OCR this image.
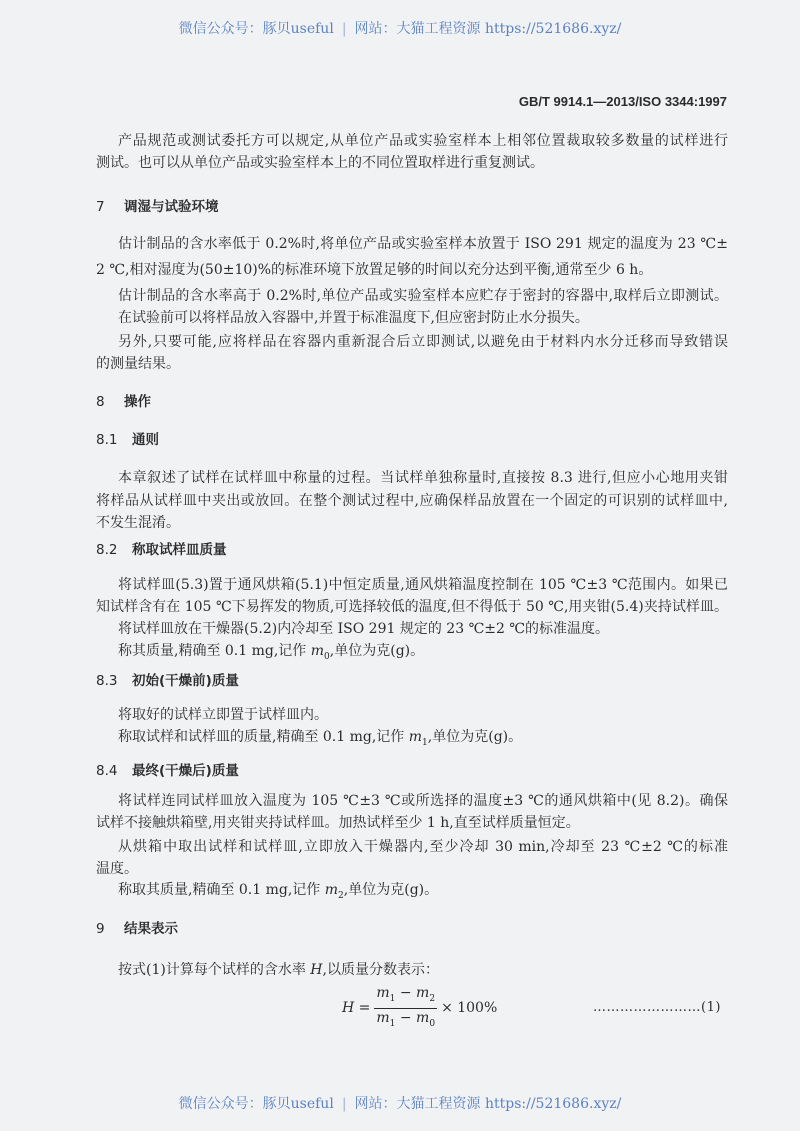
微信公众号：豚贝useful | 网站：大猫工程资源 https://521686.xyz/
GB/T 9914.1—2013/ISO 3344:1997
产品规范或测试委托方可以规定,从单位产品或实验室样本上相邻位置裁取较多数量的试样进行
测试。也可以从单位产品或实验室样本上的不同位置取样进行重复测试。
7 调湿与试验环境
估计制品的含水率低于 0.2%时,将单位产品或实验室样本放置于 ISO 291 规定的温度为 23 ℃±
2 ℃,相对湿度为(50±10)%的标准环境下放置足够的时间以充分达到平衡,通常至少 6 h。
估计制品的含水率高于 0.2%时,单位产品或实验室样本应贮存于密封的容器中,取样后立即测试。
在试验前可以将样品放入容器中,并置于标准温度下,但应密封防止水分损失。
另外,只要可能,应将样品在容器内重新混合后立即测试,以避免由于材料内水分迁移而导致错误
的测量结果。
8 操作
8.1 通则
本章叙述了试样在试样皿中称量的过程。当试样单独称量时,直接按 8.3 进行,但应小心地用夹钳
将样品从试样皿中夹出或放回。在整个测试过程中,应确保样品放置在一个固定的可识别的试样皿中,
不发生混淆。
8.2 称取试样皿质量
将试样皿(5.3)置于通风烘箱(5.1)中恒定质量,通风烘箱温度控制在 105 ℃±3 ℃范围内。如果已
知试样含有在 105 ℃下易挥发的物质,可选择较低的温度,但不得低于 50 ℃,用夹钳(5.4)夹持试样皿。
将试样皿放在干燥器(5.2)内冷却至 ISO 291 规定的 23 ℃±2 ℃的标准温度。
称其质量,精确至 0.1 mg,记作 $m_0$,单位为克(g)。
8.3 初始(干燥前)质量
将取好的试样立即置于试样皿内。
称取试样和试样皿的质量,精确至 0.1 mg,记作 $m_1$,单位为克(g)。
8.4 最终(干燥后)质量
将试样连同试样皿放入温度为 105 ℃±3 ℃或所选择的温度±3 ℃的通风烘箱中(见 8.2)。确保
试样不接触烘箱壁,用夹钳夹持试样皿。加热试样至少 1 h,直至试样质量恒定。
从烘箱中取出试样和试样皿,立即放入干燥器内,至少冷却 30 min,冷却至 23 ℃±2 ℃的标准
温度。
称取其质量,精确至 0.1 mg,记作 $m_2$,单位为克(g)。
9 结果表示
按式(1)计算每个试样的含水率 H,以质量分数表示：
$H = \frac{m_1 - m_2}{m_1 - m_0} \times 100\%$	……………………(1)
微信公众号：豚贝useful | 网站：大猫工程资源 https://521686.xyz/
